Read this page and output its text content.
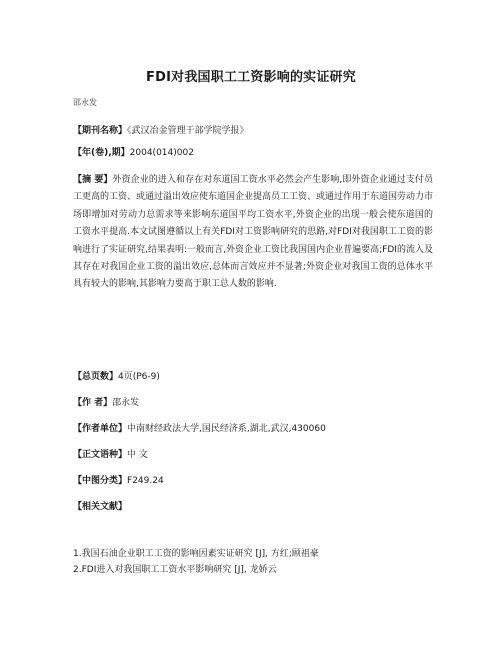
FDI对我国职工工资影响的实证研究
邵永发
【期刊名称】《武汉冶金管理干部学院学报》
【年(卷),期】2004(014)002
【摘 要】外资企业的进入和存在对东道国工资水平必然会产生影响,即外资企业通过支付员工更高的工资、或通过溢出效应使东道国企业提高员工工资、或通过作用于东道国劳动力市场即增加对劳动力总需求等来影响东道国平均工资水平,外资企业的出现一般会使东道国的工资水平提高.本文试图遵循以上有关FDI对工资影响研究的思路,对FDI对我国职工工资的影响进行了实证研究,结果表明:一般而言,外资企业工资比我国国内企业普遍要高;FDI的流入及其存在对我国企业工资的溢出效应,总体而言效应并不显著;外资企业对我国工资的总体水平具有较大的影响,其影响力要高于职工总人数的影响.
【总页数】4页(P6-9)
【作 者】邵永发
【作者单位】中南财经政法大学,国民经济系,湖北,武汉,430060
【正文语种】中 文
【中图分类】F249.24
【相关文献】
1.我国石油企业职工工资的影响因素实证研究 [J], 方红;顾祖豪
2.FDI进入对我国职工工资水平影响研究 [J], 龙娇云
